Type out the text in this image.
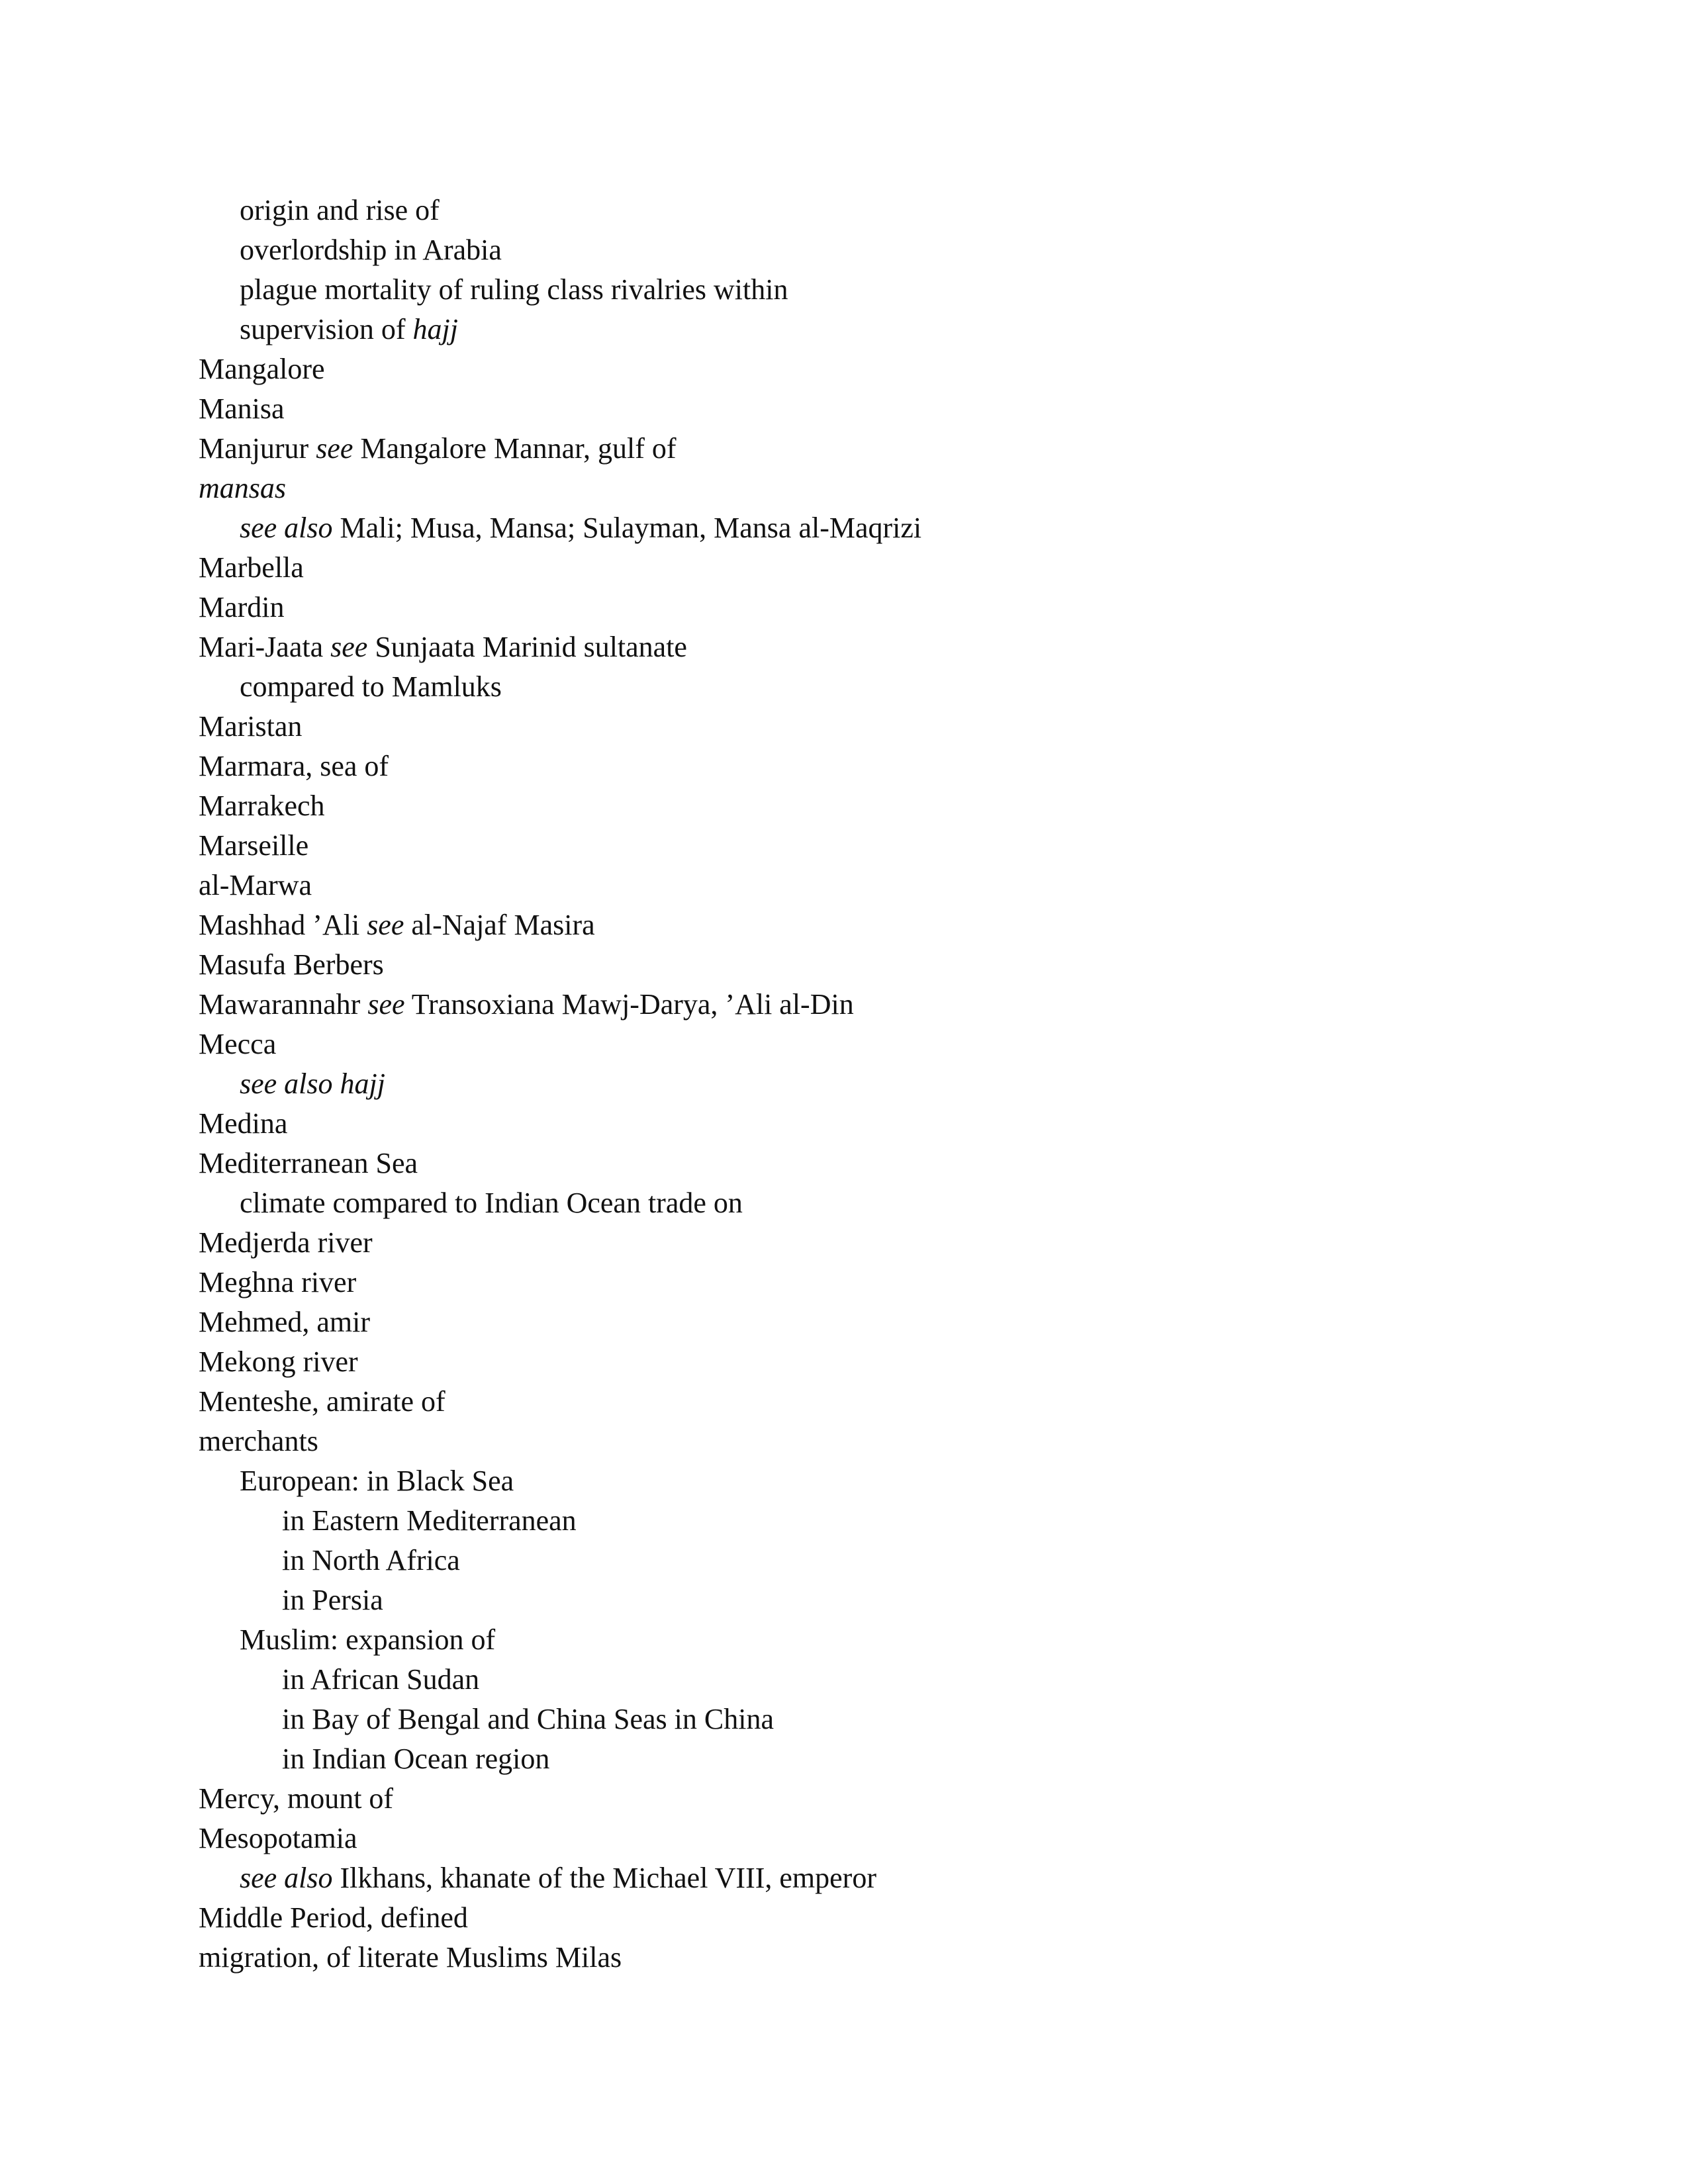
origin and rise of
overlordship in Arabia
plague mortality of ruling class rivalries within
supervision of hajj
Mangalore
Manisa
Manjurur see Mangalore Mannar, gulf of
mansas
see also Mali; Musa, Mansa; Sulayman, Mansa al-Maqrizi
Marbella
Mardin
Mari-Jaata see Sunjaata Marinid sultanate
compared to Mamluks
Maristan
Marmara, sea of
Marrakech
Marseille
al-Marwa
Mashhad ’Ali see al-Najaf Masira
Masufa Berbers
Mawarannahr see Transoxiana Mawj-Darya, ’Ali al-Din
Mecca
see also hajj
Medina
Mediterranean Sea
climate compared to Indian Ocean trade on
Medjerda river
Meghna river
Mehmed, amir
Mekong river
Menteshe, amirate of
merchants
European: in Black Sea
in Eastern Mediterranean
in North Africa
in Persia
Muslim: expansion of
in African Sudan
in Bay of Bengal and China Seas in China
in Indian Ocean region
Mercy, mount of
Mesopotamia
see also Ilkhans, khanate of the Michael VIII, emperor
Middle Period, defined
migration, of literate Muslims Milas
